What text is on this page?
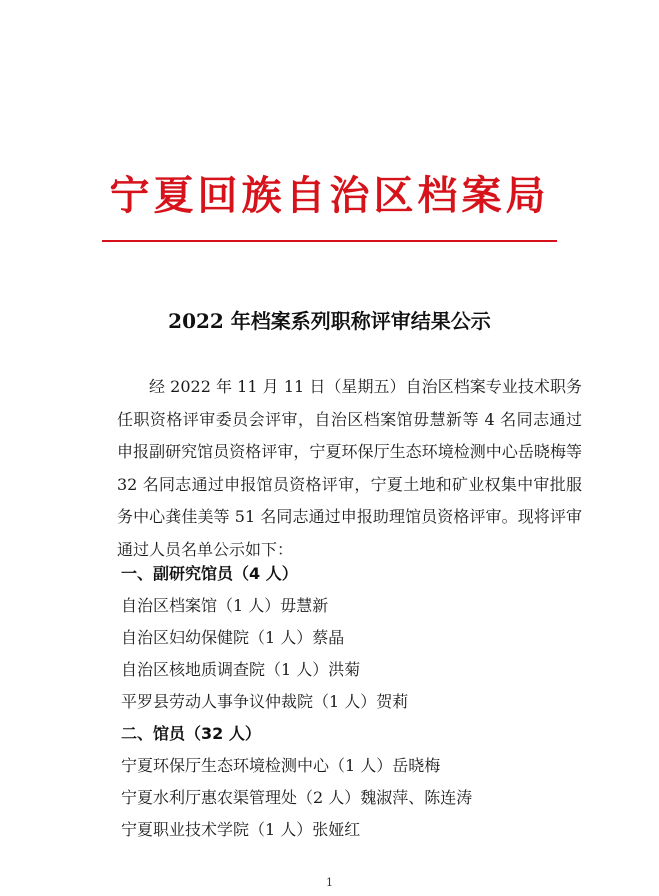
宁夏回族自治区档案局
2022 年档案系列职称评审结果公示
经 2022 年 11 月 11 日（星期五）自治区档案专业技术职务任职资格评审委员会评审，自治区档案馆毋慧新等 4 名同志通过申报副研究馆员资格评审，宁夏环保厅生态环境检测中心岳晓梅等 32 名同志通过申报馆员资格评审，宁夏土地和矿业权集中审批服务中心龚佳美等 51 名同志通过申报助理馆员资格评审。现将评审通过人员名单公示如下：
一、副研究馆员（4 人）
自治区档案馆（1 人）毋慧新
自治区妇幼保健院（1 人）蔡晶
自治区核地质调查院（1 人）洪菊
平罗县劳动人事争议仲裁院（1 人）贺莉
二、馆员（32 人）
宁夏环保厅生态环境检测中心（1 人）岳晓梅
宁夏水利厅惠农渠管理处（2 人）魏淑萍、陈连涛
宁夏职业技术学院（1 人）张娅红
1
